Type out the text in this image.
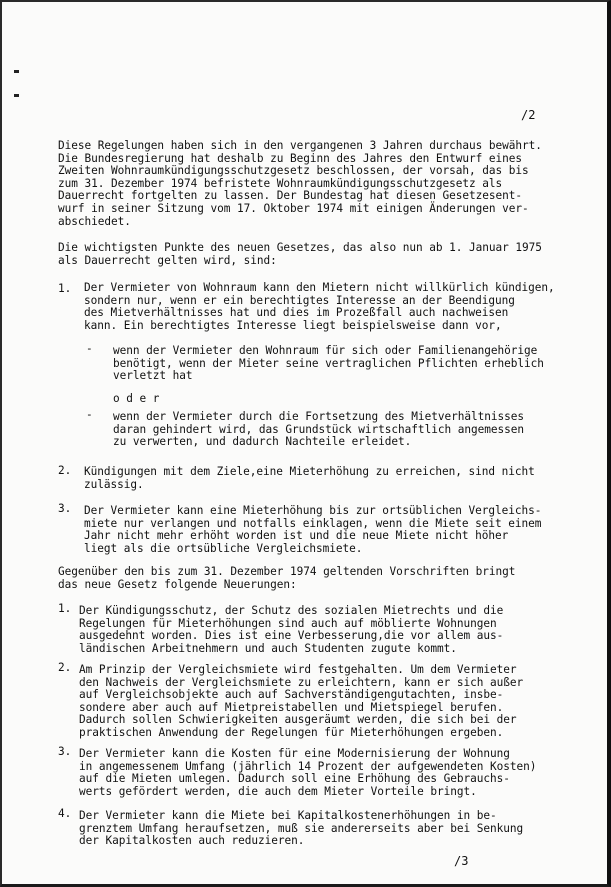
/2

Diese Regelungen haben sich in den vergangenen 3 Jahren durchaus bewährt.
Die Bundesregierung hat deshalb zu Beginn des Jahres den Entwurf eines
Zweiten Wohnraumkündigungsschutzgesetz beschlossen, der vorsah, das bis
zum 31. Dezember 1974 befristete Wohnraumkündigungsschutzgesetz als
Dauerrecht fortgelten zu lassen. Der Bundestag hat diesen Gesetzesent-
wurf in seiner Sitzung vom 17. Oktober 1974 mit einigen Änderungen ver-
abschiedet.

Die wichtigsten Punkte des neuen Gesetzes, das also nun ab 1. Januar 1975
als Dauerrecht gelten wird, sind:

1. Der Vermieter von Wohnraum kann den Mietern nicht willkürlich kündigen,
sondern nur, wenn er ein berechtigtes Interesse an der Beendigung
des Mietverhältnisses hat und dies im Prozeßfall auch nachweisen
kann. Ein berechtigtes Interesse liegt beispielsweise dann vor,

- wenn der Vermieter den Wohnraum für sich oder Familienangehörige
benötigt, wenn der Mieter seine vertraglichen Pflichten erheblich
verletzt hat

o d e r

- wenn der Vermieter durch die Fortsetzung des Mietverhältnisses
daran gehindert wird, das Grundstück wirtschaftlich angemessen
zu verwerten, und dadurch Nachteile erleidet.

2. Kündigungen mit dem Ziele,eine Mieterhöhung zu erreichen, sind nicht
zulässig.

3. Der Vermieter kann eine Mieterhöhung bis zur ortsüblichen Vergleichs-
miete nur verlangen und notfalls einklagen, wenn die Miete seit einem
Jahr nicht mehr erhöht worden ist und die neue Miete nicht höher
liegt als die ortsübliche Vergleichsmiete.

Gegenüber den bis zum 31. Dezember 1974 geltenden Vorschriften bringt
das neue Gesetz folgende Neuerungen:

1. Der Kündigungsschutz, der Schutz des sozialen Mietrechts und die
Regelungen für Mieterhöhungen sind auch auf möblierte Wohnungen
ausgedehnt worden. Dies ist eine Verbesserung,die vor allem aus-
ländischen Arbeitnehmern und auch Studenten zugute kommt.

2. Am Prinzip der Vergleichsmiete wird festgehalten. Um dem Vermieter
den Nachweis der Vergleichsmiete zu erleichtern, kann er sich außer
auf Vergleichsobjekte auch auf Sachverständigengutachten, insbe-
sondere aber auch auf Mietpreistabellen und Mietspiegel berufen.
Dadurch sollen Schwierigkeiten ausgeräumt werden, die sich bei der
praktischen Anwendung der Regelungen für Mieterhöhungen ergeben.

3. Der Vermieter kann die Kosten für eine Modernisierung der Wohnung
in angemessenem Umfang (jährlich 14 Prozent der aufgewendeten Kosten)
auf die Mieten umlegen. Dadurch soll eine Erhöhung des Gebrauchs-
werts gefördert werden, die auch dem Mieter Vorteile bringt.

4. Der Vermieter kann die Miete bei Kapitalkostenerhöhungen in be-
grenztem Umfang heraufsetzen, muß sie andererseits aber bei Senkung
der Kapitalkosten auch reduzieren.

/3
